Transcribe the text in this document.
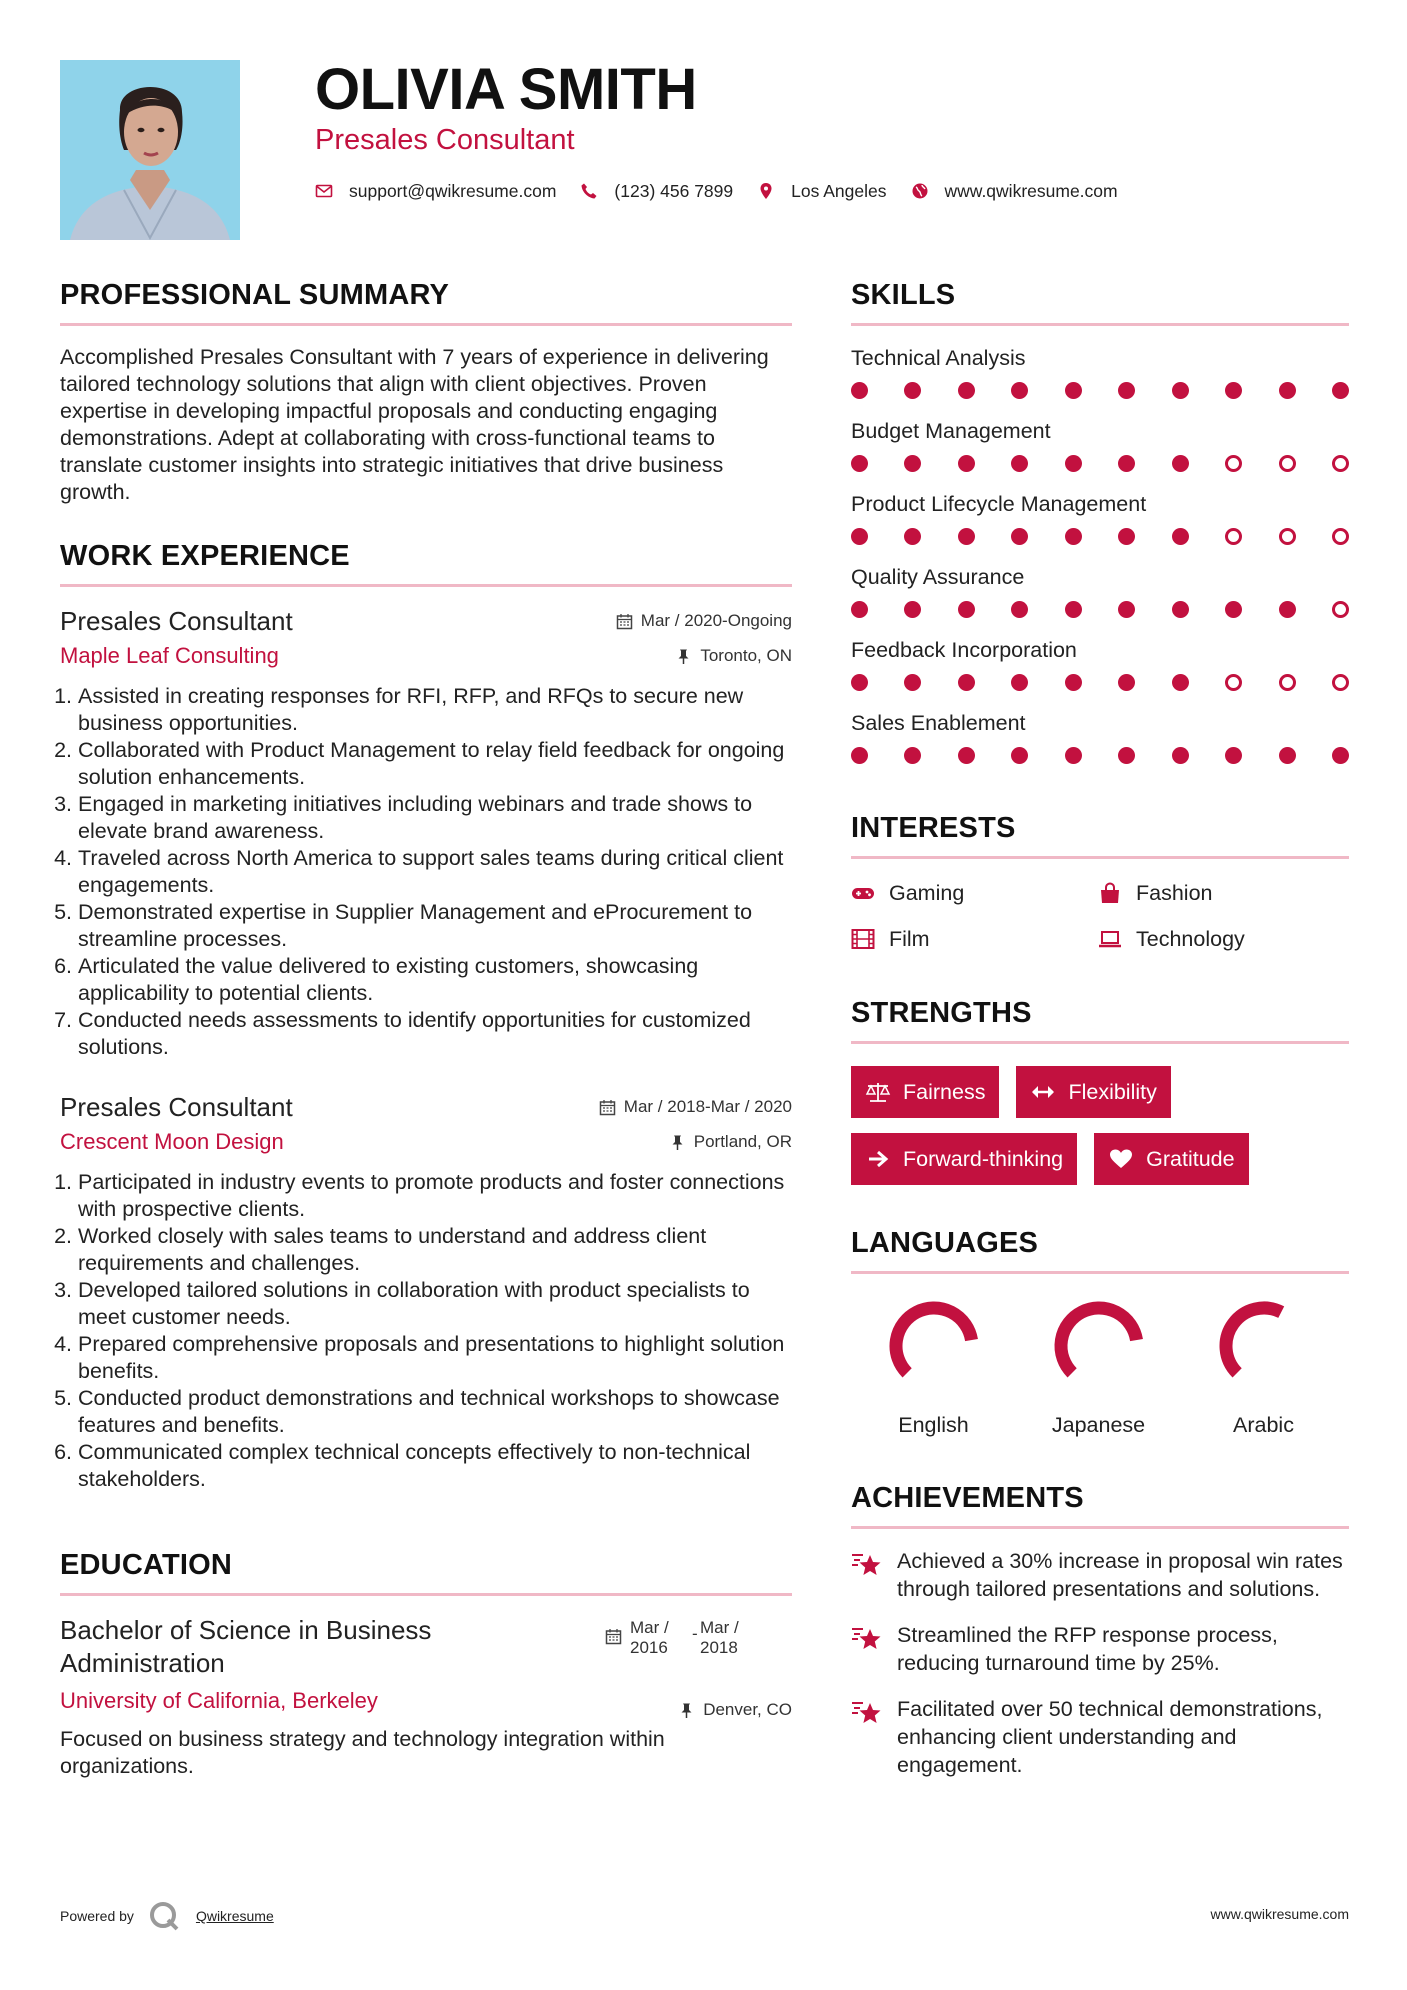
OLIVIA SMITH
Presales Consultant
support@qwikresume.com	(123) 456 7899	Los Angeles	www.qwikresume.com
PROFESSIONAL SUMMARY

Accomplished Presales Consultant with 7 years of experience in delivering tailored technology solutions that align with client objectives. Proven expertise in developing impactful proposals and conducting engaging demonstrations. Adept at collaborating with cross-functional teams to translate customer insights into strategic initiatives that drive business growth.

WORK EXPERIENCE
Presales Consultant
Maple Leaf Consulting
Mar / 2020-Ongoing
Toronto, ON
1. Assisted in creating responses for RFI, RFP, and RFQs to secure new business opportunities.
2. Collaborated with Product Management to relay field feedback for ongoing solution enhancements.
3. Engaged in marketing initiatives including webinars and trade shows to elevate brand awareness.
4. Traveled across North America to support sales teams during critical client engagements.
5. Demonstrated expertise in Supplier Management and eProcurement to streamline processes.
6. Articulated the value delivered to existing customers, showcasing applicability to potential clients.
7. Conducted needs assessments to identify opportunities for customized solutions.
Presales Consultant
Crescent Moon Design
Mar / 2018-Mar / 2020
Portland, OR
1. Participated in industry events to promote products and foster connections with prospective clients.
2. Worked closely with sales teams to understand and address client requirements and challenges.
3. Developed tailored solutions in collaboration with product specialists to meet customer needs.
4. Prepared comprehensive proposals and presentations to highlight solution benefits.
5. Conducted product demonstrations and technical workshops to showcase features and benefits.
6. Communicated complex technical concepts effectively to non-technical stakeholders.
EDUCATION
Bachelor of Science in Business Administration
University of California, Berkeley
Mar / 2016
- Mar / 2018
Denver, CO
Focused on business strategy and technology integration within organizations.
SKILLS
Technical Analysis
Budget Management
Product Lifecycle Management
Quality Assurance
Feedback Incorporation
Sales Enablement
INTERESTS
Gaming	Fashion
Film	Technology
STRENGTHS
Fairness	Flexibility
Forward-thinking	Gratitude
LANGUAGES
English	Japanese	Arabic
ACHIEVEMENTS
Achieved a 30% increase in proposal win rates through tailored presentations and solutions.
Streamlined the RFP response process, reducing turnaround time by 25%.
Facilitated over 50 technical demonstrations, enhancing client understanding and engagement.
Powered by	Qwikresume	www.qwikresume.com
